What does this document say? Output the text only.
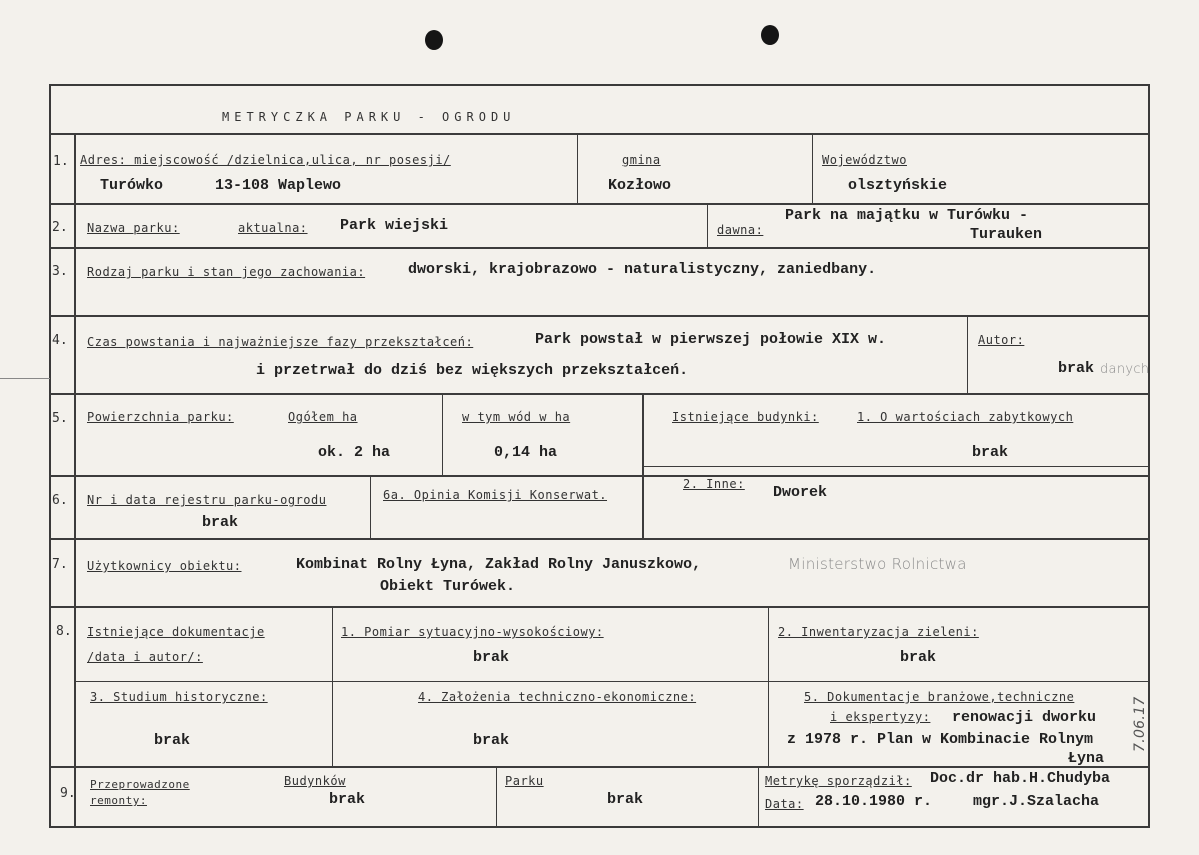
METRYCZKA PARKU - OGRODU
1. Adres: miejscowość /dzielnica,ulica, nr posesji/	gmina	Województwo
Turówko	13-108 Waplewo	Kozłowo	olsztyńskie
2. Nazwa parku:	aktualna: Park wiejski	dawna:
Park na majątku w Turówku -
Turauken
3. Rodzaj parku i stan jego zachowania:	dworski, krajobrazowo - naturalistyczny, zaniedbany.
4. Czas powstania i najważniejsze fazy przekształceń:	Park powstał w pierwszej połowie XIX w.
i przetrwał do dziś bez większych przekształceń.
Autor:
brak danych
5. Powierzchnia parku:	Ogółem ha
ok. 2 ha
w tym wód w ha
0,14 ha
Istniejące budynki:	1. O wartościach zabytkowych
brak
6. Nr i data rejestru parku-ogrodu
brak
6a. Opinia Komisji Konserwat.
2. Inne: Dworek
7. Użytkownicy obiektu:	Kombinat Rolny Łyna, Zakład Rolny Januszkowo,
Obiekt Turówek.
Ministerstwo Rolnictwa
8. Istniejące dokumentacje
/data i autor/:
1. Pomiar sytuacyjno-wysokościowy:
brak
2. Inwentaryzacja zieleni:
brak
3. Studium historyczne:
brak
4. Założenia techniczno-ekonomiczne:
brak
5. Dokumentacje branżowe,techniczne
i ekspertyzy: renowacji dworku
z 1978 r. Plan w Kombinacie Rolnym
Łyna
9.
Przeprowadzone
remonty:
Budynków
brak
Parku
brak
Metrykę sporządził: Doc.dr hab.H.Chudyba
Data: 28.10.1980 r.	mgr.J.Szalacha
7.06.17
